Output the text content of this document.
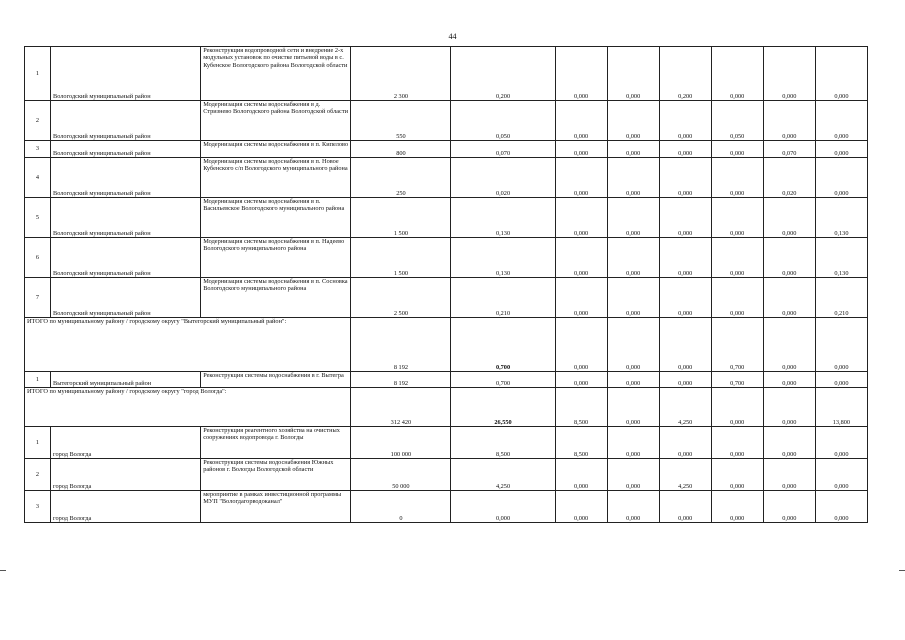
44
1	Вологодский муниципальный район	Реконструкция водопроводной сети и внедрение 2-х модульных установок по очистке питьевой воды в с. Кубенское Вологодского района Вологодской области	2 300	0,200	0,000	0,000	0,200	0,000	0,000	0,000
2	Вологодский муниципальный район	Модернизация системы водоснабжения в д. Стризнево Вологодского района Вологодской области	550	0,050	0,000	0,000	0,000	0,050	0,000	0,000
3	Вологодский муниципальный район	Модернизация системы водоснабжения в п. Кипелово	800	0,070	0,000	0,000	0,000	0,000	0,070	0,000
4	Вологодский муниципальный район	Модернизация системы водоснабжения в п. Новое Кубенского с/п Вологодского муниципального района	250	0,020	0,000	0,000	0,000	0,000	0,020	0,000
5	Вологодский муниципальный район	Модернизация системы водоснабжения в п. Васильевское Вологодского муниципального района	1 500	0,130	0,000	0,000	0,000	0,000	0,000	0,130
6	Вологодский муниципальный район	Модернизация системы водоснабжения в п. Надеево Вологодского муниципального района	1 500	0,130	0,000	0,000	0,000	0,000	0,000	0,130
7	Вологодский муниципальный район	Модернизация системы водоснабжения в п. Сосновка Вологодского муниципального района	2 500	0,210	0,000	0,000	0,000	0,000	0,000	0,210
ИТОГО по муниципальному району / городскому округу "Вытегорский муниципальный район":			8 192	0,700	0,000	0,000	0,000	0,700	0,000	0,000
1	Вытегорский муниципальный район	Реконструкция системы водоснабжения в г. Вытегра	8 192	0,700	0,000	0,000	0,000	0,700	0,000	0,000
ИТОГО по муниципальному району / городскому округу "город Вологда":			312 420	26,550	8,500	0,000	4,250	0,000	0,000	13,800
1	город Вологда	Реконструкция реагентного хозяйства на очистных сооружениях водопровода г. Вологды	100 000	8,500	8,500	0,000	0,000	0,000	0,000	0,000
2	город Вологда	Реконструкция системы водоснабжения Южных районов г. Вологды Вологодской области	50 000	4,250	0,000	0,000	4,250	0,000	0,000	0,000
3	город Вологда	мероприятие в рамках инвестиционной программы МУП "Вологдагорводоканал"	0	0,000	0,000	0,000	0,000	0,000	0,000	0,000
